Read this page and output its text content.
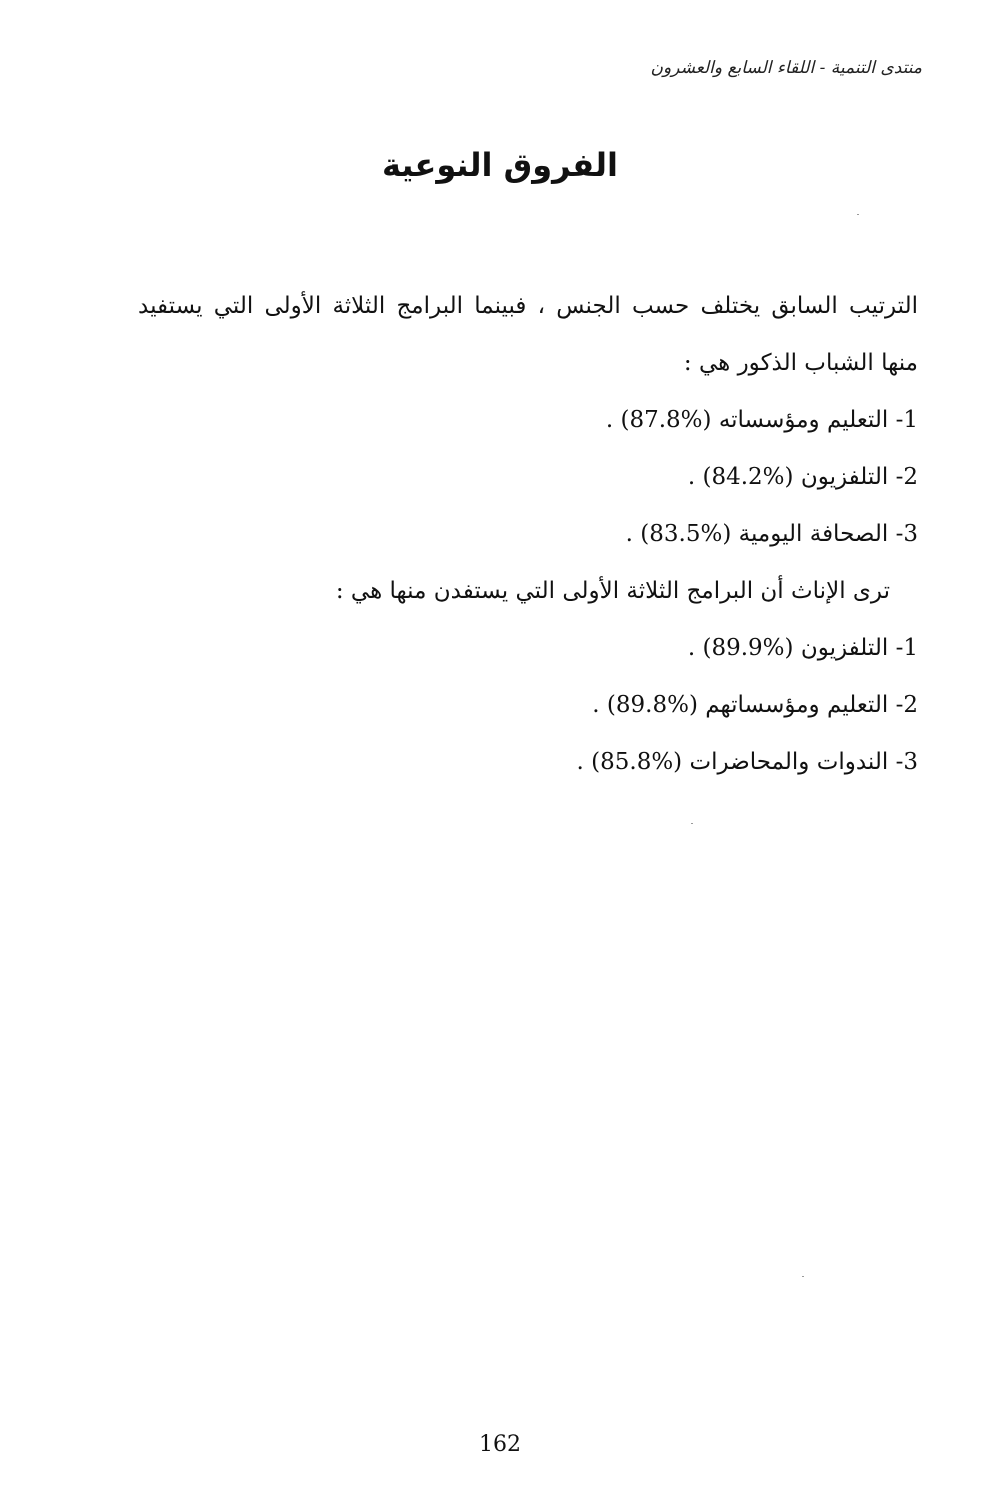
منتدى التنمية - اللقاء السابع والعشرون
الفروق النوعية

الترتيب السابق يختلف حسب الجنس ، فبينما البرامج الثلاثة الأولى التي يستفيد منها الشباب الذكور هي :

1- التعليم ومؤسساته (87.8%) .
2- التلفزيون (84.2%) .
3- الصحافة اليومية (83.5%) .

ترى الإناث أن البرامج الثلاثة الأولى التي يستفدن منها هي :

1- التلفزيون (89.9%) .
2- التعليم ومؤسساتهم (89.8%) .
3- الندوات والمحاضرات (85.8%) .
162
